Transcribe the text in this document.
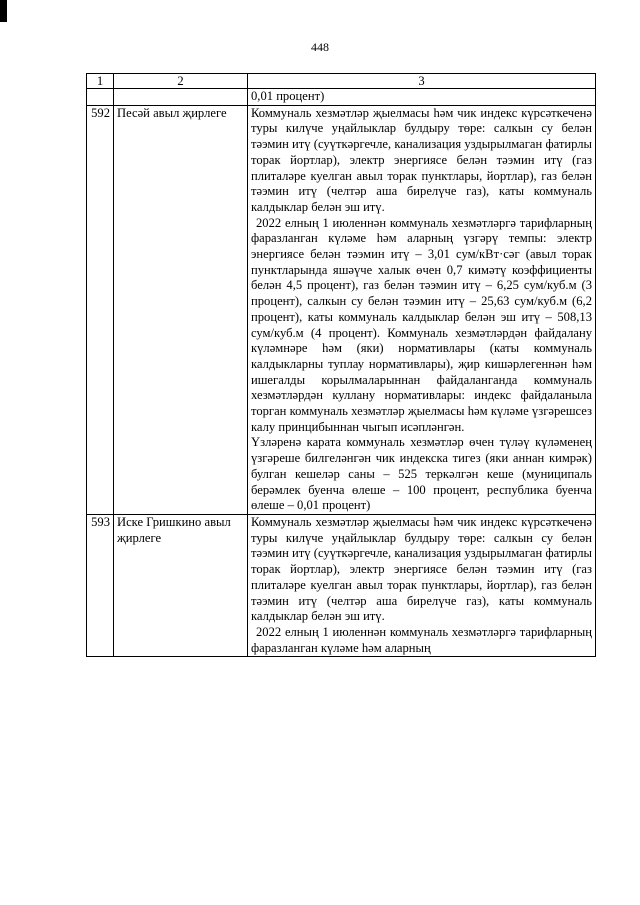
448
1	2	3
		0,01 процент)
592	Песәй авыл җирлеге	Коммуналь хезмәтләр җыелмасы һәм чик индекс күрсәткеченә туры килүче уңайлыклар булдыру төре: салкын су белән тәэмин итү (суүткәргечле, канализация уздырылмаган фатирлы торак йортлар), электр энергиясе белән тәэмин итү (газ плиталәре куелган авыл торак пунктлары, йортлар), газ белән тәэмин итү (челтәр аша бирелүче газ), каты коммуналь калдыклар белән эш итү.

2022 елның 1 июленнән коммуналь хезмәтләргә тарифларның фаразланган күләме һәм аларның үзгәрү темпы: электр энергиясе белән тәэмин итү – 3,01 сум/кВт·сәг (авыл торак пунктларында яшәүче халык өчен 0,7 кимәтү коэффициенты белән 4,5 процент), газ белән тәэмин итү – 6,25 сум/куб.м (3 процент), салкын су белән тәэмин итү – 25,63 сум/куб.м (6,2 процент), каты коммуналь калдыклар белән эш итү – 508,13 сум/куб.м (4 процент). Коммуналь хезмәтләрдән файдалану күләмнәре һәм (яки) нормативлары (каты коммуналь калдыкларны туплау нормативлары), җир кишәрлегеннән һәм ишегалды корылмаларыннан файдаланганда коммуналь хезмәтләрдән куллану нормативлары: индекс файдаланыла торган коммуналь хезмәтләр җыелмасы һәм күләме үзгәрешсез калу принцибыннан чыгып исәпләнгән.

Үзләренә карата коммуналь хезмәтләр өчен түләү күләменең үзгәреше билгеләнгән чик индекска тигез (яки аннан кимрәк) булган кешеләр саны – 525 теркәлгән кеше (муниципаль берәмлек буенча өлеше – 100 процент, республика буенча өлеше – 0,01 процент)

593	Иске Гришкино авыл җирлеге	Коммуналь хезмәтләр җыелмасы һәм чик индекс күрсәткеченә туры килүче уңайлыклар булдыру төре: салкын су белән тәэмин итү (суүткәргечле, канализация уздырылмаган фатирлы торак йортлар), электр энергиясе белән тәэмин итү (газ плиталәре куелган авыл торак пунктлары, йортлар), газ белән тәэмин итү (челтәр аша бирелүче газ), каты коммуналь калдыклар белән эш итү.

2022 елның 1 июленнән коммуналь хезмәтләргә тарифларның фаразланган күләме һәм аларның
